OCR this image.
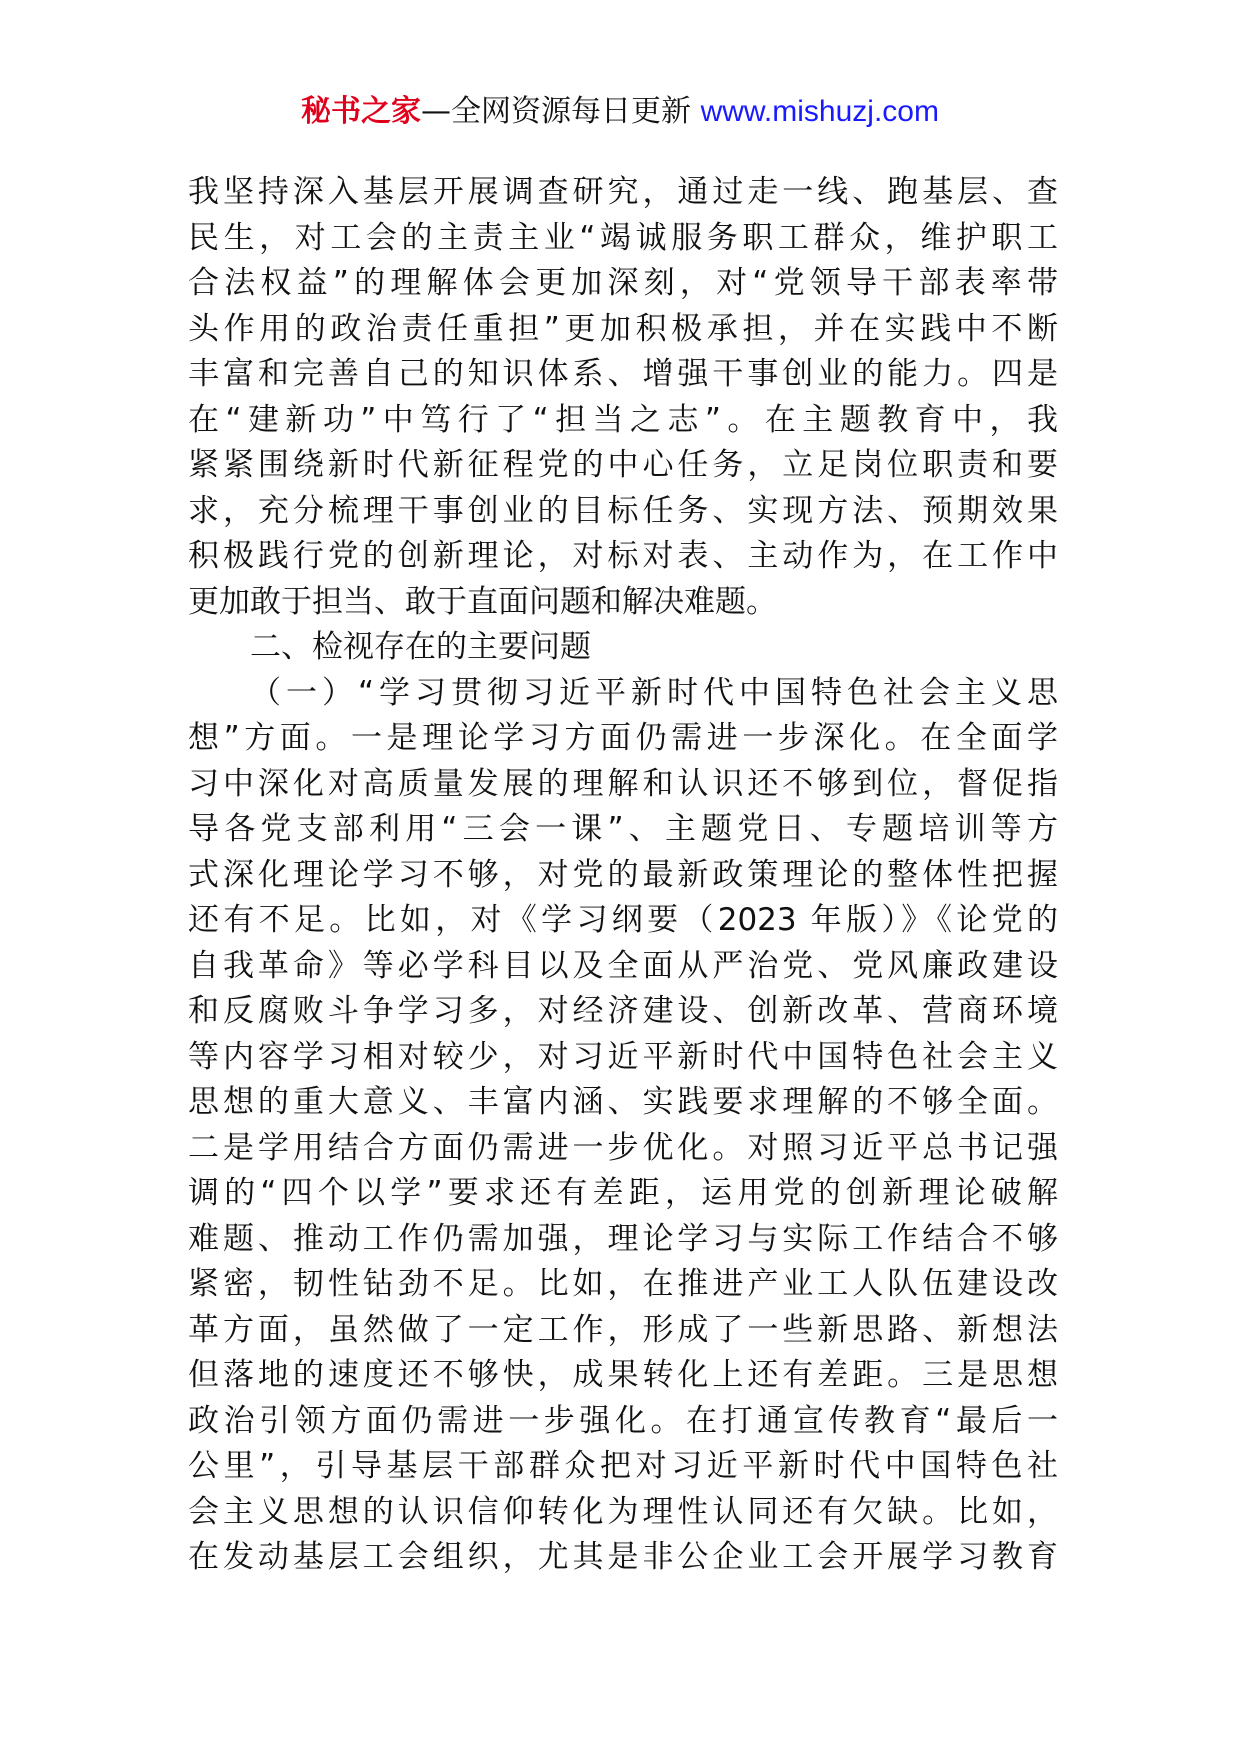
秘书之家—全网资源每日更新 www.mishuzj.com
我坚持深入基层开展调查研究，通过走一线、跑基层、查
民生，对工会的主责主业“竭诚服务职工群众，维护职工
合法权益”的理解体会更加深刻，对“党领导干部表率带
头作用的政治责任重担”更加积极承担，并在实践中不断
丰富和完善自己的知识体系、增强干事创业的能力。四是
在“建新功”中笃行了“担当之志”。在主题教育中，我
紧紧围绕新时代新征程党的中心任务，立足岗位职责和要
求，充分梳理干事创业的目标任务、实现方法、预期效果
积极践行党的创新理论，对标对表、主动作为，在工作中
更加敢于担当、敢于直面问题和解决难题。
二、检视存在的主要问题
（一）“学习贯彻习近平新时代中国特色社会主义思
想”方面。一是理论学习方面仍需进一步深化。在全面学
习中深化对高质量发展的理解和认识还不够到位，督促指
导各党支部利用“三会一课”、主题党日、专题培训等方
式深化理论学习不够，对党的最新政策理论的整体性把握
还有不足。比如，对《学习纲要（2023 年版）》《论党的
自我革命》等必学科目以及全面从严治党、党风廉政建设
和反腐败斗争学习多，对经济建设、创新改革、营商环境
等内容学习相对较少，对习近平新时代中国特色社会主义
思想的重大意义、丰富内涵、实践要求理解的不够全面。
二是学用结合方面仍需进一步优化。对照习近平总书记强
调的“四个以学”要求还有差距，运用党的创新理论破解
难题、推动工作仍需加强，理论学习与实际工作结合不够
紧密，韧性钻劲不足。比如，在推进产业工人队伍建设改
革方面，虽然做了一定工作，形成了一些新思路、新想法
但落地的速度还不够快，成果转化上还有差距。三是思想
政治引领方面仍需进一步强化。在打通宣传教育“最后一
公里”，引导基层干部群众把对习近平新时代中国特色社
会主义思想的认识信仰转化为理性认同还有欠缺。比如，
在发动基层工会组织，尤其是非公企业工会开展学习教育
